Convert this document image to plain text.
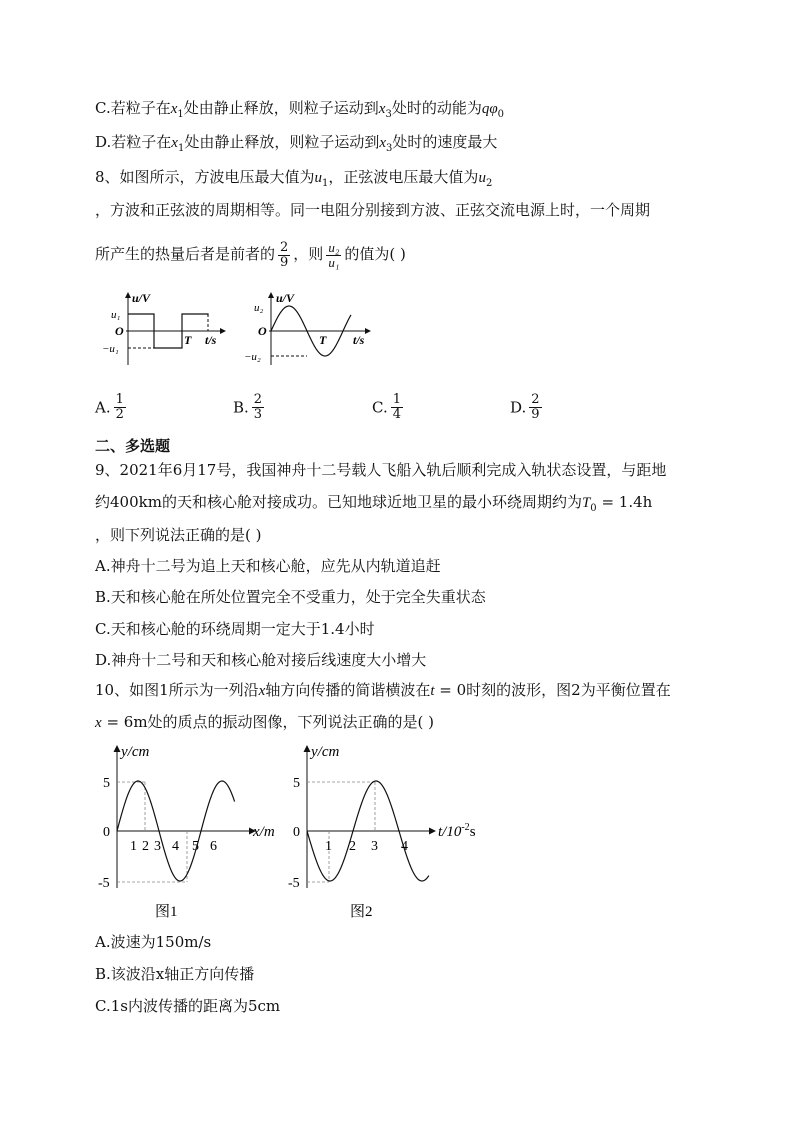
C.若粒子在$x_1$处由静止释放，则粒子运动到$x_3$处时的动能为$q\varphi_0$
D.若粒子在$x_1$处由静止释放，则粒子运动到$x_3$处时的速度最大
8、如图所示，方波电压最大值为$u_1$，正弦波电压最大值为$u_2$
，方波和正弦波的周期相等。同一电阻分别接到方波、正弦交流电源上时，一个周期
所产生的热量后者是前者的 $\frac{2}{9}$ ，则 $\frac{\text{u₂}}{\text{u₁}}$ 的值为( )
u/V
u₁
O
−u₁
T t/s
u/V
u₂
O
−u₂
T t/s
A. $\frac{1}{2}$	B. $\frac{2}{3}$	C. $\frac{1}{4}$	D. $\frac{2}{9}$
二、多选题
9、2021年6月17号，我国神舟十二号载人飞船入轨后顺利完成入轨状态设置，与距地
约400km的天和核心舱对接成功。已知地球近地卫星的最小环绕周期约为$T_0 = 1.4h$
，则下列说法正确的是( )
A.神舟十二号为追上天和核心舱，应先从内轨道追赶
B.天和核心舱在所处位置完全不受重力，处于完全失重状态
C.天和核心舱的环绕周期一定大于1.4小时
D.神舟十二号和天和核心舱对接后线速度大小增大
10、如图1所示为一列沿x轴方向传播的简谐横波在t = 0时刻的波形，图2为平衡位置在
x = 6m处的质点的振动图像，下列说法正确的是( )
y/cm
5
0
-5
1 2 3 4 5 6
x/m
图1
y/cm
5
0
-5
1 2 3 4
$t/10^{-2}s$
图2
A.波速为150m/s
B.该波沿x轴正方向传播
C.1s内波传播的距离为5cm
